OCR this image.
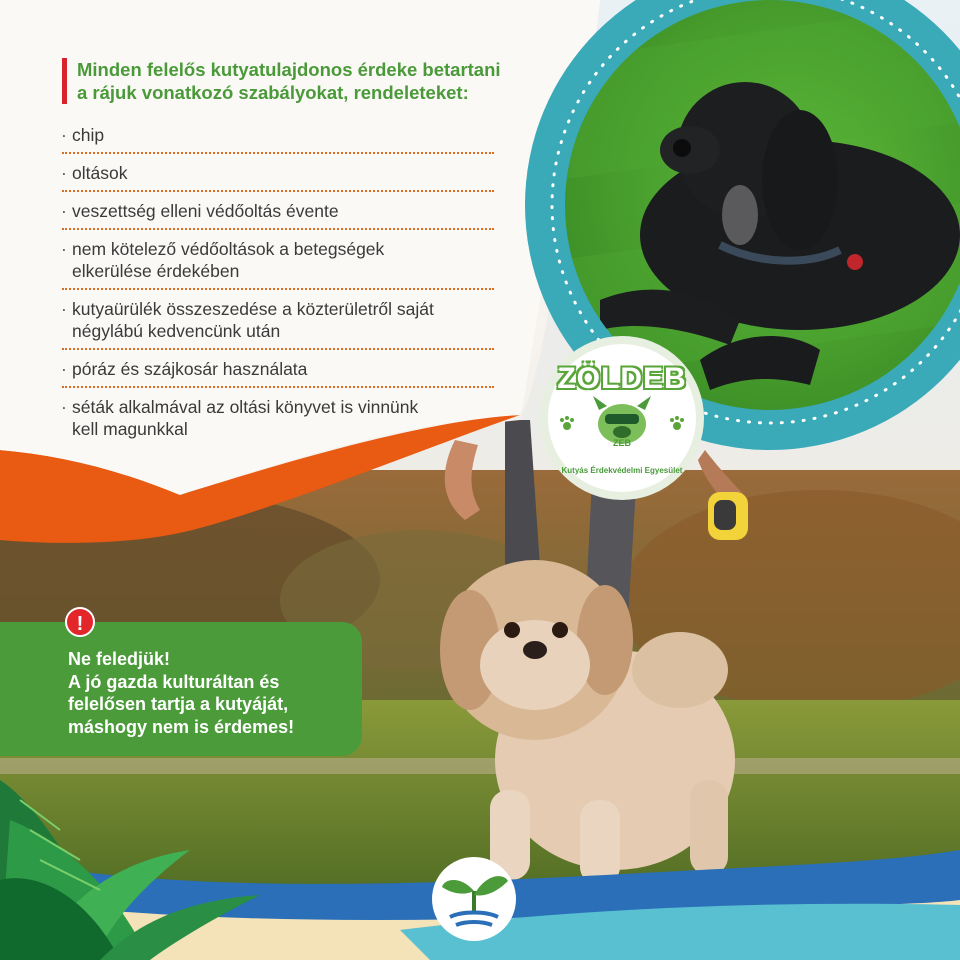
Minden felelős kutyatulajdonos érdeke betartani
a rájuk vonatkozó szabályokat, rendeleteket:
· chip
· oltások
· veszettség elleni védőoltás évente
· nem kötelező védőoltások a betegségek
elkerülése érdekében
· kutyaürülék összeszedése a közterületről saját
négylábú kedvencünk után
· póráz és szájkosár használata
· séták alkalmával az oltási könyvet is vinnünk
kell magunkkal
ZÖLDEB
ZEB
Kutyás Érdekvédelmi Egyesület
!
Ne feledjük!
A jó gazda kulturáltan és
felelősen tartja a kutyáját,
máshogy nem is érdemes!
